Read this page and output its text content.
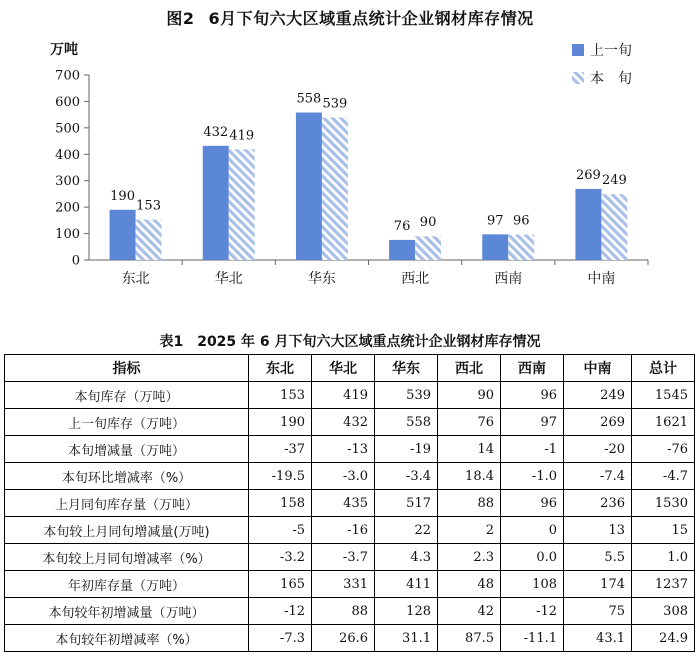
图2 6月下旬六大区域重点统计企业钢材库存情况
万吨
0
100
200
300
400
500
600
700
190
153
432 419
558 539
76 90	97 96
269 249
东北	华北	华东	西北	西南	中南
上一旬
本　旬
表1 2025 年 6 月下旬六大区域重点统计企业钢材库存情况
指标	东北	华北	华东	西北	西南	中南	总计
本旬库存（万吨）	153	419	539	90	96	249	1545
上一旬库存（万吨）	190	432	558	76	97	269	1621
本旬增减量（万吨）	-37	-13	-19	14	-1	-20	-76
本旬环比增减率（%）	-19.5	-3.0	-3.4	18.4	-1.0	-7.4	-4.7
上月同旬库存量（万吨）	158	435	517	88	96	236	1530
本旬较上月同旬增减量(万吨)	-5	-16	22	2	0	13	15
本旬较上月同旬增减率（%）	-3.2	-3.7	4.3	2.3	0.0	5.5	1.0
年初库存量（万吨）	165	331	411	48	108	174	1237
本旬较年初增减量（万吨）	-12	88	128	42	-12	75	308
本旬较年初增减率（%）	-7.3	26.6	31.1	87.5	-11.1	43.1	24.9
